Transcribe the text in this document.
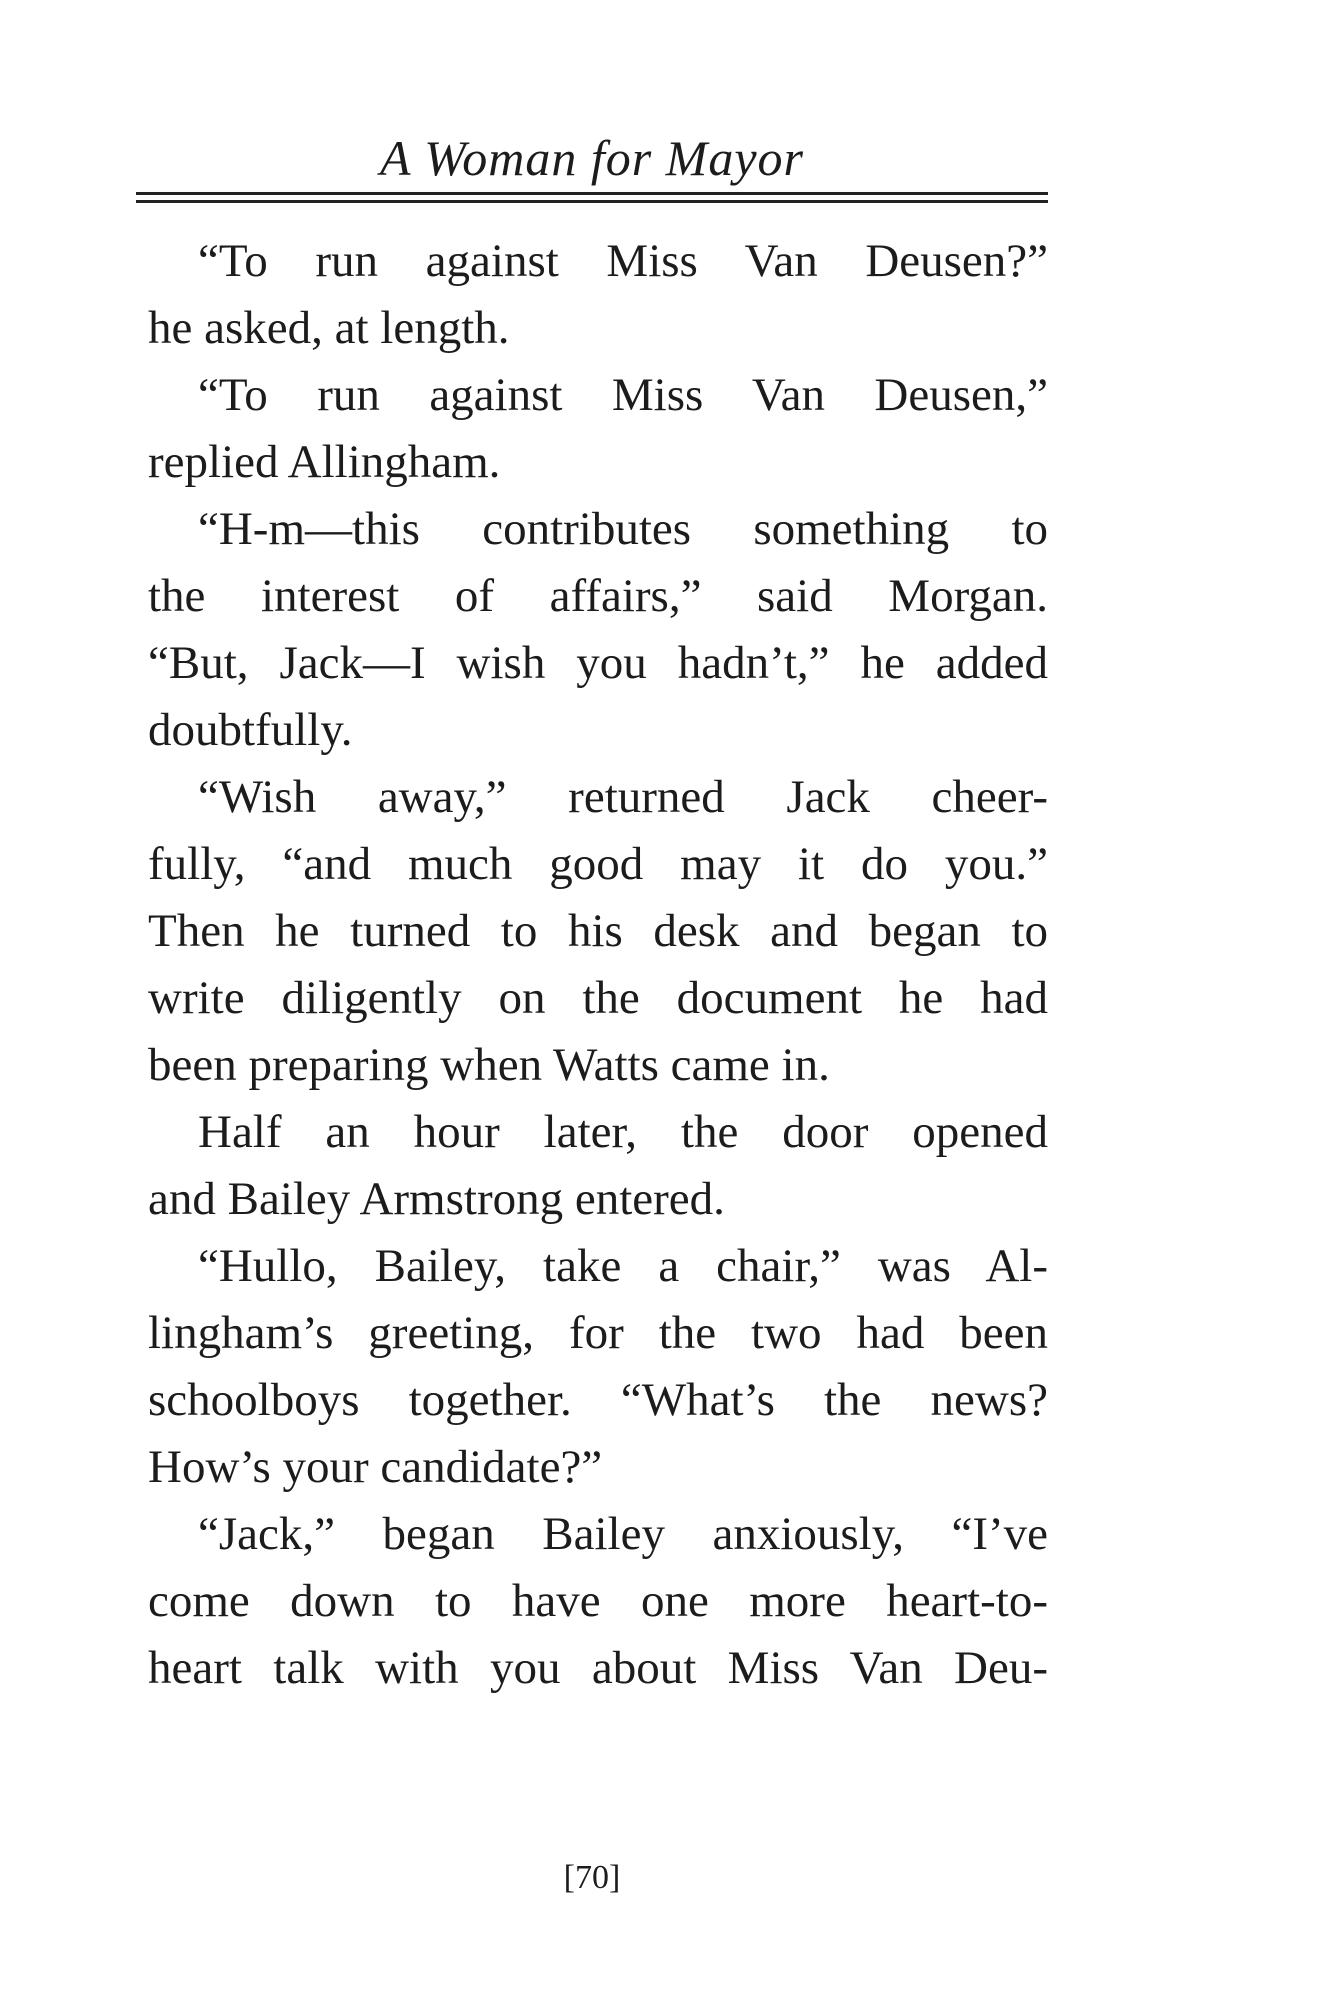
A Woman for Mayor
“To run against Miss Van Deusen?”
he asked, at length.
“To run against Miss Van Deusen,”
replied Allingham.
“H-m—this contributes something to
the interest of affairs,” said Morgan.
“But, Jack—I wish you hadn’t,” he added
doubtfully.
“Wish away,” returned Jack cheer-
fully, “and much good may it do you.”
Then he turned to his desk and began to
write diligently on the document he had
been preparing when Watts came in.
Half an hour later, the door opened
and Bailey Armstrong entered.
“Hullo, Bailey, take a chair,” was Al-
lingham’s greeting, for the two had been
schoolboys together. “What’s the news?
How’s your candidate?”
“Jack,” began Bailey anxiously, “I’ve
come down to have one more heart-to-
heart talk with you about Miss Van Deu-
[70]
